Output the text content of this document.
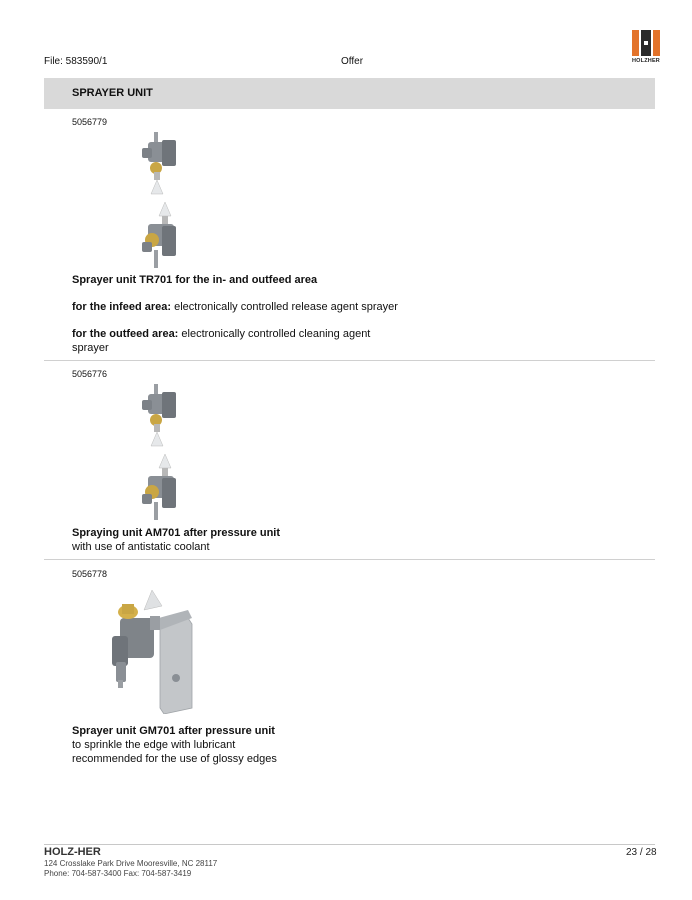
File: 583590/1	Offer	HOLZHER
SPRAYER UNIT
5056779
Sprayer unit TR701 for the in- and outfeed area
for the infeed area: electronically controlled release agent sprayer
for the outfeed area: electronically controlled cleaning agent
sprayer
5056776
Spraying unit AM701 after pressure unit
with use of antistatic coolant
5056778
Sprayer unit GM701 after pressure unit
to sprinkle the edge with lubricant
recommended for the use of glossy edges
HOLZ-HER
124 Crosslake Park Drive Mooresville, NC 28117
Phone: 704-587-3400 Fax: 704-587-3419
23 / 28
